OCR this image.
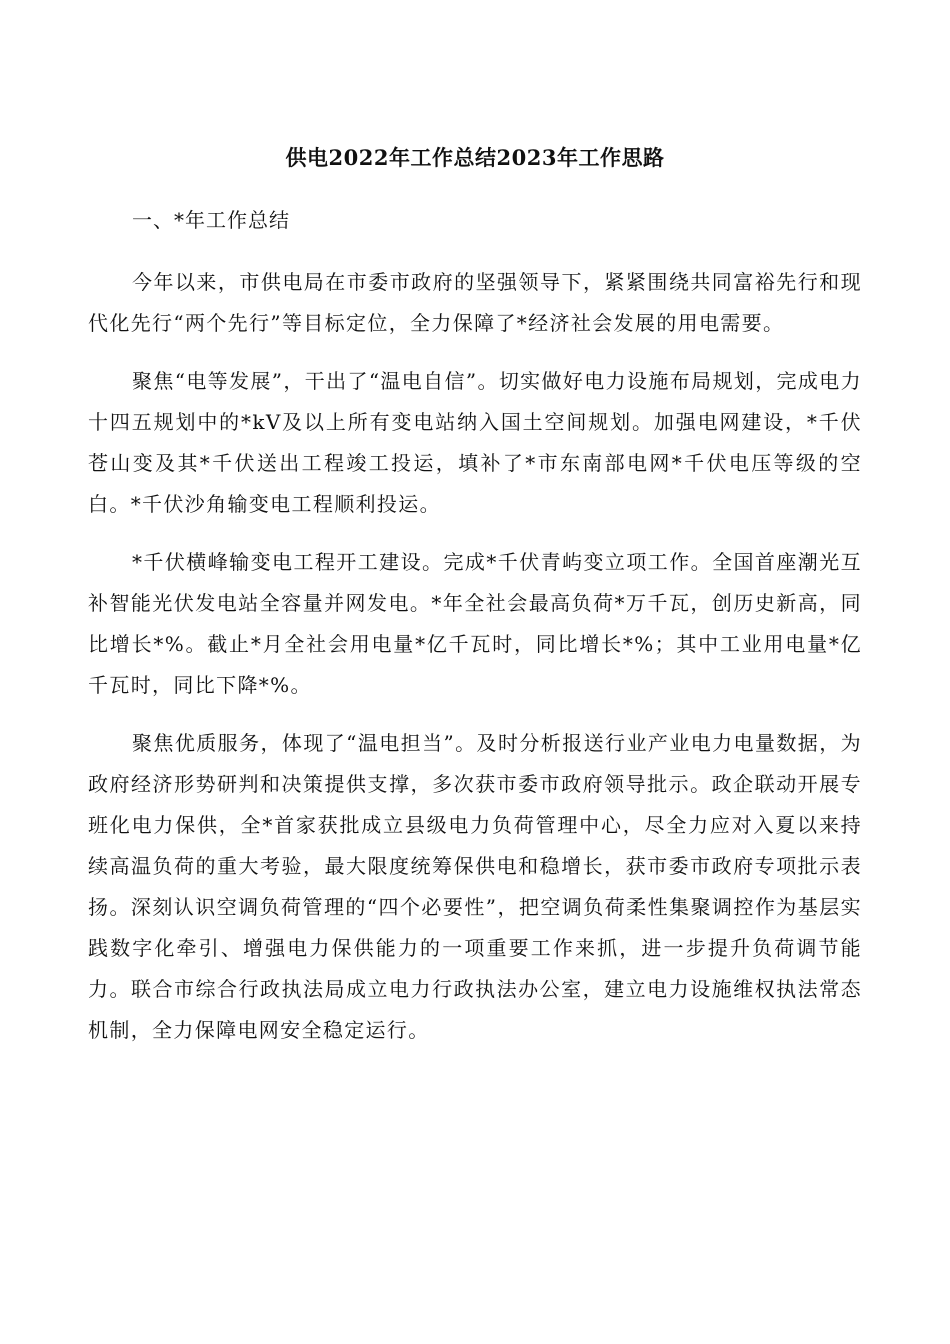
供电2022年工作总结2023年工作思路

一、*年工作总结

今年以来，市供电局在市委市政府的坚强领导下，紧紧围绕共同富裕先行和现代化先行“两个先行”等目标定位，全力保障了*经济社会发展的用电需要。

聚焦“电等发展”，干出了“温电自信”。切实做好电力设施布局规划，完成电力十四五规划中的*kV及以上所有变电站纳入国土空间规划。加强电网建设，*千伏苍山变及其*千伏送出工程竣工投运，填补了*市东南部电网*千伏电压等级的空白。*千伏沙角输变电工程顺利投运。

*千伏横峰输变电工程开工建设。完成*千伏青屿变立项工作。全国首座潮光互补智能光伏发电站全容量并网发电。*年全社会最高负荷*万千瓦，创历史新高，同比增长*%。截止*月全社会用电量*亿千瓦时，同比增长*%；其中工业用电量*亿千瓦时，同比下降*%。

聚焦优质服务，体现了“温电担当”。及时分析报送行业产业电力电量数据，为政府经济形势研判和决策提供支撑，多次获市委市政府领导批示。政企联动开展专班化电力保供，全*首家获批成立县级电力负荷管理中心，尽全力应对入夏以来持续高温负荷的重大考验，最大限度统筹保供电和稳增长，获市委市政府专项批示表扬。深刻认识空调负荷管理的“四个必要性”，把空调负荷柔性集聚调控作为基层实践数字化牵引、增强电力保供能力的一项重要工作来抓，进一步提升负荷调节能力。联合市综合行政执法局成立电力行政执法办公室，建立电力设施维权执法常态机制，全力保障电网安全稳定运行。
